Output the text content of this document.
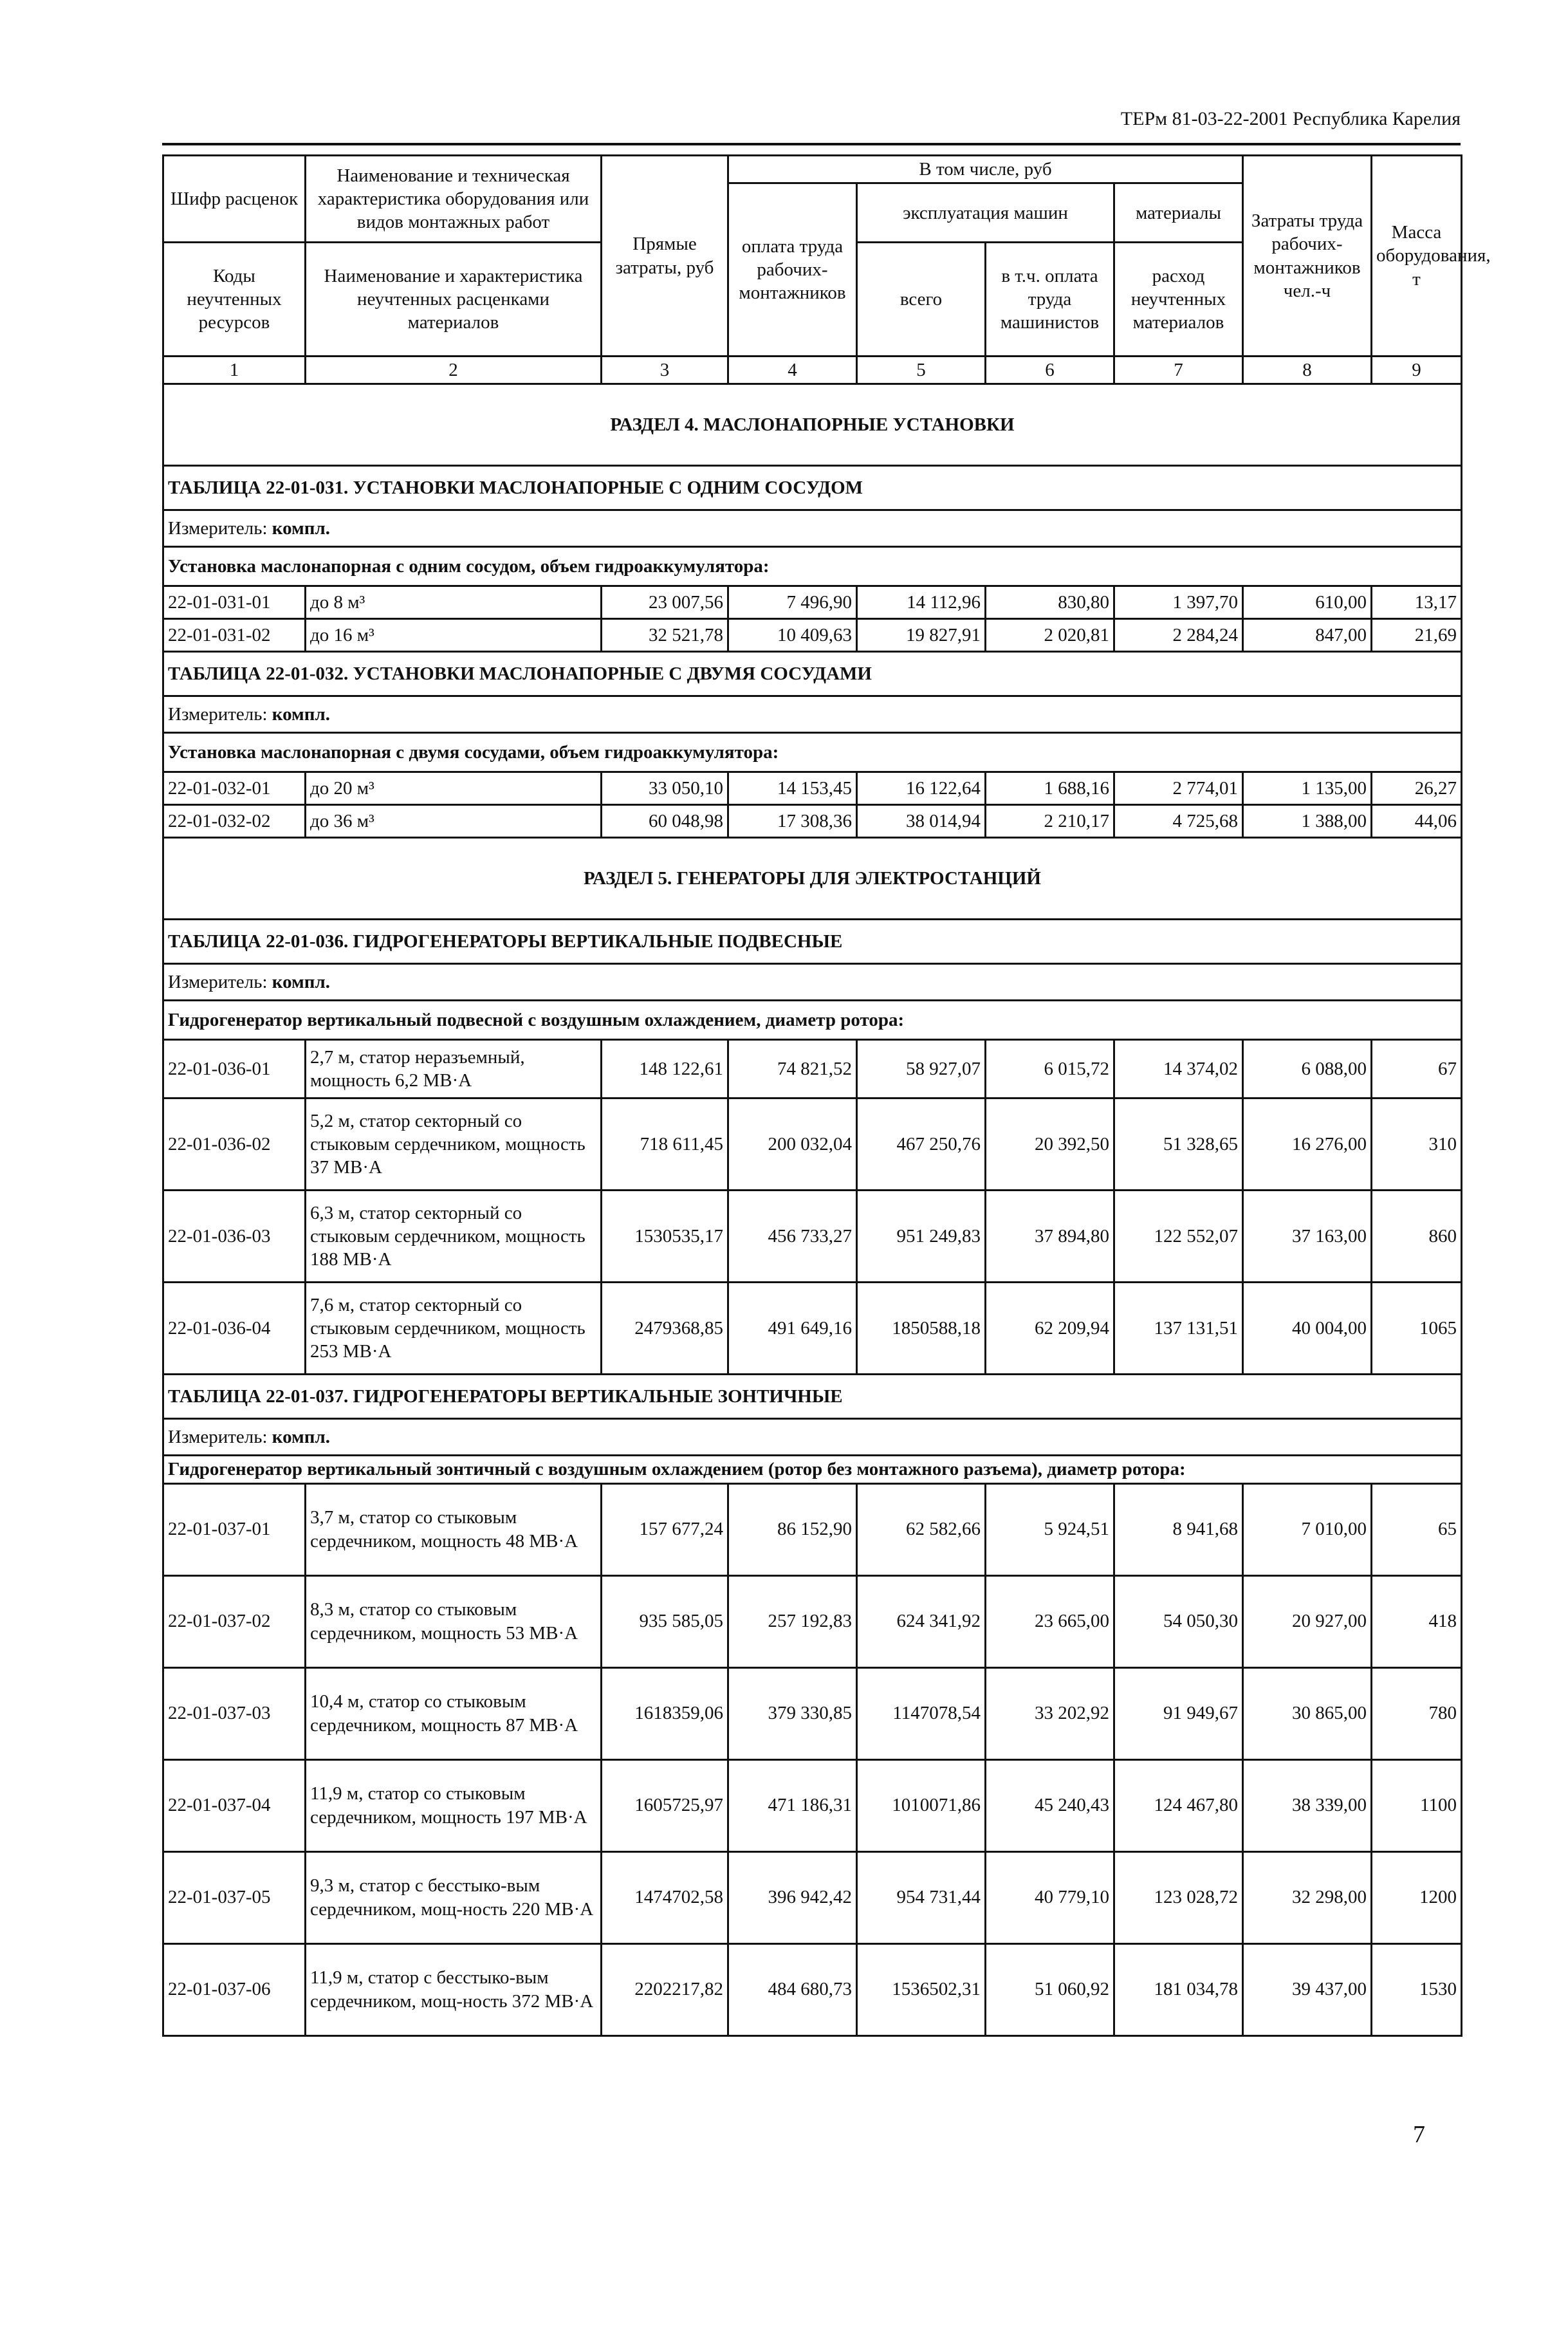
ТЕРм 81-03-22-2001 Республика Карелия
Шифр расценок	Наименование и техническая характеристика оборудования или видов монтажных работ	Прямые затраты, руб	В том числе, руб				Затраты труда рабочих-монтажников чел.-ч	Масса оборудования, т
			оплата труда рабочих-монтажников	эксплуатация машин		материалы		
Коды неучтенных ресурсов	Наименование и характеристика неучтенных расценками материалов			всего	в т.ч. оплата труда машинистов	расход неучтенных материалов		

1	2	3	4	5	6	7	8	9
РАЗДЕЛ 4. МАСЛОНАПОРНЫЕ УСТАНОВКИ								
ТАБЛИЦА 22-01-031. УСТАНОВКИ МАСЛОНАПОРНЫЕ С ОДНИМ СОСУДОМ								
Измеритель: компл.								
Установка маслонапорная с одним сосудом, объем гидроаккумулятора:								
22-01-031-01	до 8 м³	23 007,56	7 496,90	14 112,96	830,80	1 397,70	610,00	13,17
22-01-031-02	до 16 м³	32 521,78	10 409,63	19 827,91	2 020,81	2 284,24	847,00	21,69
ТАБЛИЦА 22-01-032. УСТАНОВКИ МАСЛОНАПОРНЫЕ С ДВУМЯ СОСУДАМИ								
Измеритель: компл.								
Установка маслонапорная с двумя сосудами, объем гидроаккумулятора:								
22-01-032-01	до 20 м³	33 050,10	14 153,45	16 122,64	1 688,16	2 774,01	1 135,00	26,27
22-01-032-02	до 36 м³	60 048,98	17 308,36	38 014,94	2 210,17	4 725,68	1 388,00	44,06
РАЗДЕЛ 5. ГЕНЕРАТОРЫ ДЛЯ ЭЛЕКТРОСТАНЦИЙ								
ТАБЛИЦА 22-01-036. ГИДРОГЕНЕРАТОРЫ ВЕРТИКАЛЬНЫЕ ПОДВЕСНЫЕ								
Измеритель: компл.								
Гидрогенератор вертикальный подвесной с воздушным охлаждением, диаметр ротора:								
22-01-036-01	2,7 м, статор неразъемный, мощность 6,2 МВ·А	148 122,61	74 821,52	58 927,07	6 015,72	14 374,02	6 088,00	67
22-01-036-02	5,2 м, статор секторный со стыковым сердечником, мощность 37 МВ·А	718 611,45	200 032,04	467 250,76	20 392,50	51 328,65	16 276,00	310
22-01-036-03	6,3 м, статор секторный со стыковым сердечником, мощность 188 МВ·А	1530535,17	456 733,27	951 249,83	37 894,80	122 552,07	37 163,00	860
22-01-036-04	7,6 м, статор секторный со стыковым сердечником, мощность 253 МВ·А	2479368,85	491 649,16	1850588,18	62 209,94	137 131,51	40 004,00	1065
ТАБЛИЦА 22-01-037. ГИДРОГЕНЕРАТОРЫ ВЕРТИКАЛЬНЫЕ ЗОНТИЧНЫЕ								
Измеритель: компл.								
Гидрогенератор вертикальный зонтичный с воздушным охлаждением (ротор без монтажного разъема), диаметр ротора:								
22-01-037-01	3,7 м, статор со стыковым сердечником, мощность 48 МВ·А	157 677,24	86 152,90	62 582,66	5 924,51	8 941,68	7 010,00	65
22-01-037-02	8,3 м, статор со стыковым сердечником, мощность 53 МВ·А	935 585,05	257 192,83	624 341,92	23 665,00	54 050,30	20 927,00	418
22-01-037-03	10,4 м, статор со стыковым сердечником, мощность 87 МВ·А	1618359,06	379 330,85	1147078,54	33 202,92	91 949,67	30 865,00	780
22-01-037-04	11,9 м, статор со стыковым сердечником, мощность 197 МВ·А	1605725,97	471 186,31	1010071,86	45 240,43	124 467,80	38 339,00	1100
22-01-037-05	9,3 м, статор с бесстыко-вым сердечником, мощ-ность 220 МВ·А	1474702,58	396 942,42	954 731,44	40 779,10	123 028,72	32 298,00	1200
22-01-037-06	11,9 м, статор с бесстыко-вым сердечником, мощ-ность 372 МВ·А	2202217,82	484 680,73	1536502,31	51 060,92	181 034,78	39 437,00	1530
7
